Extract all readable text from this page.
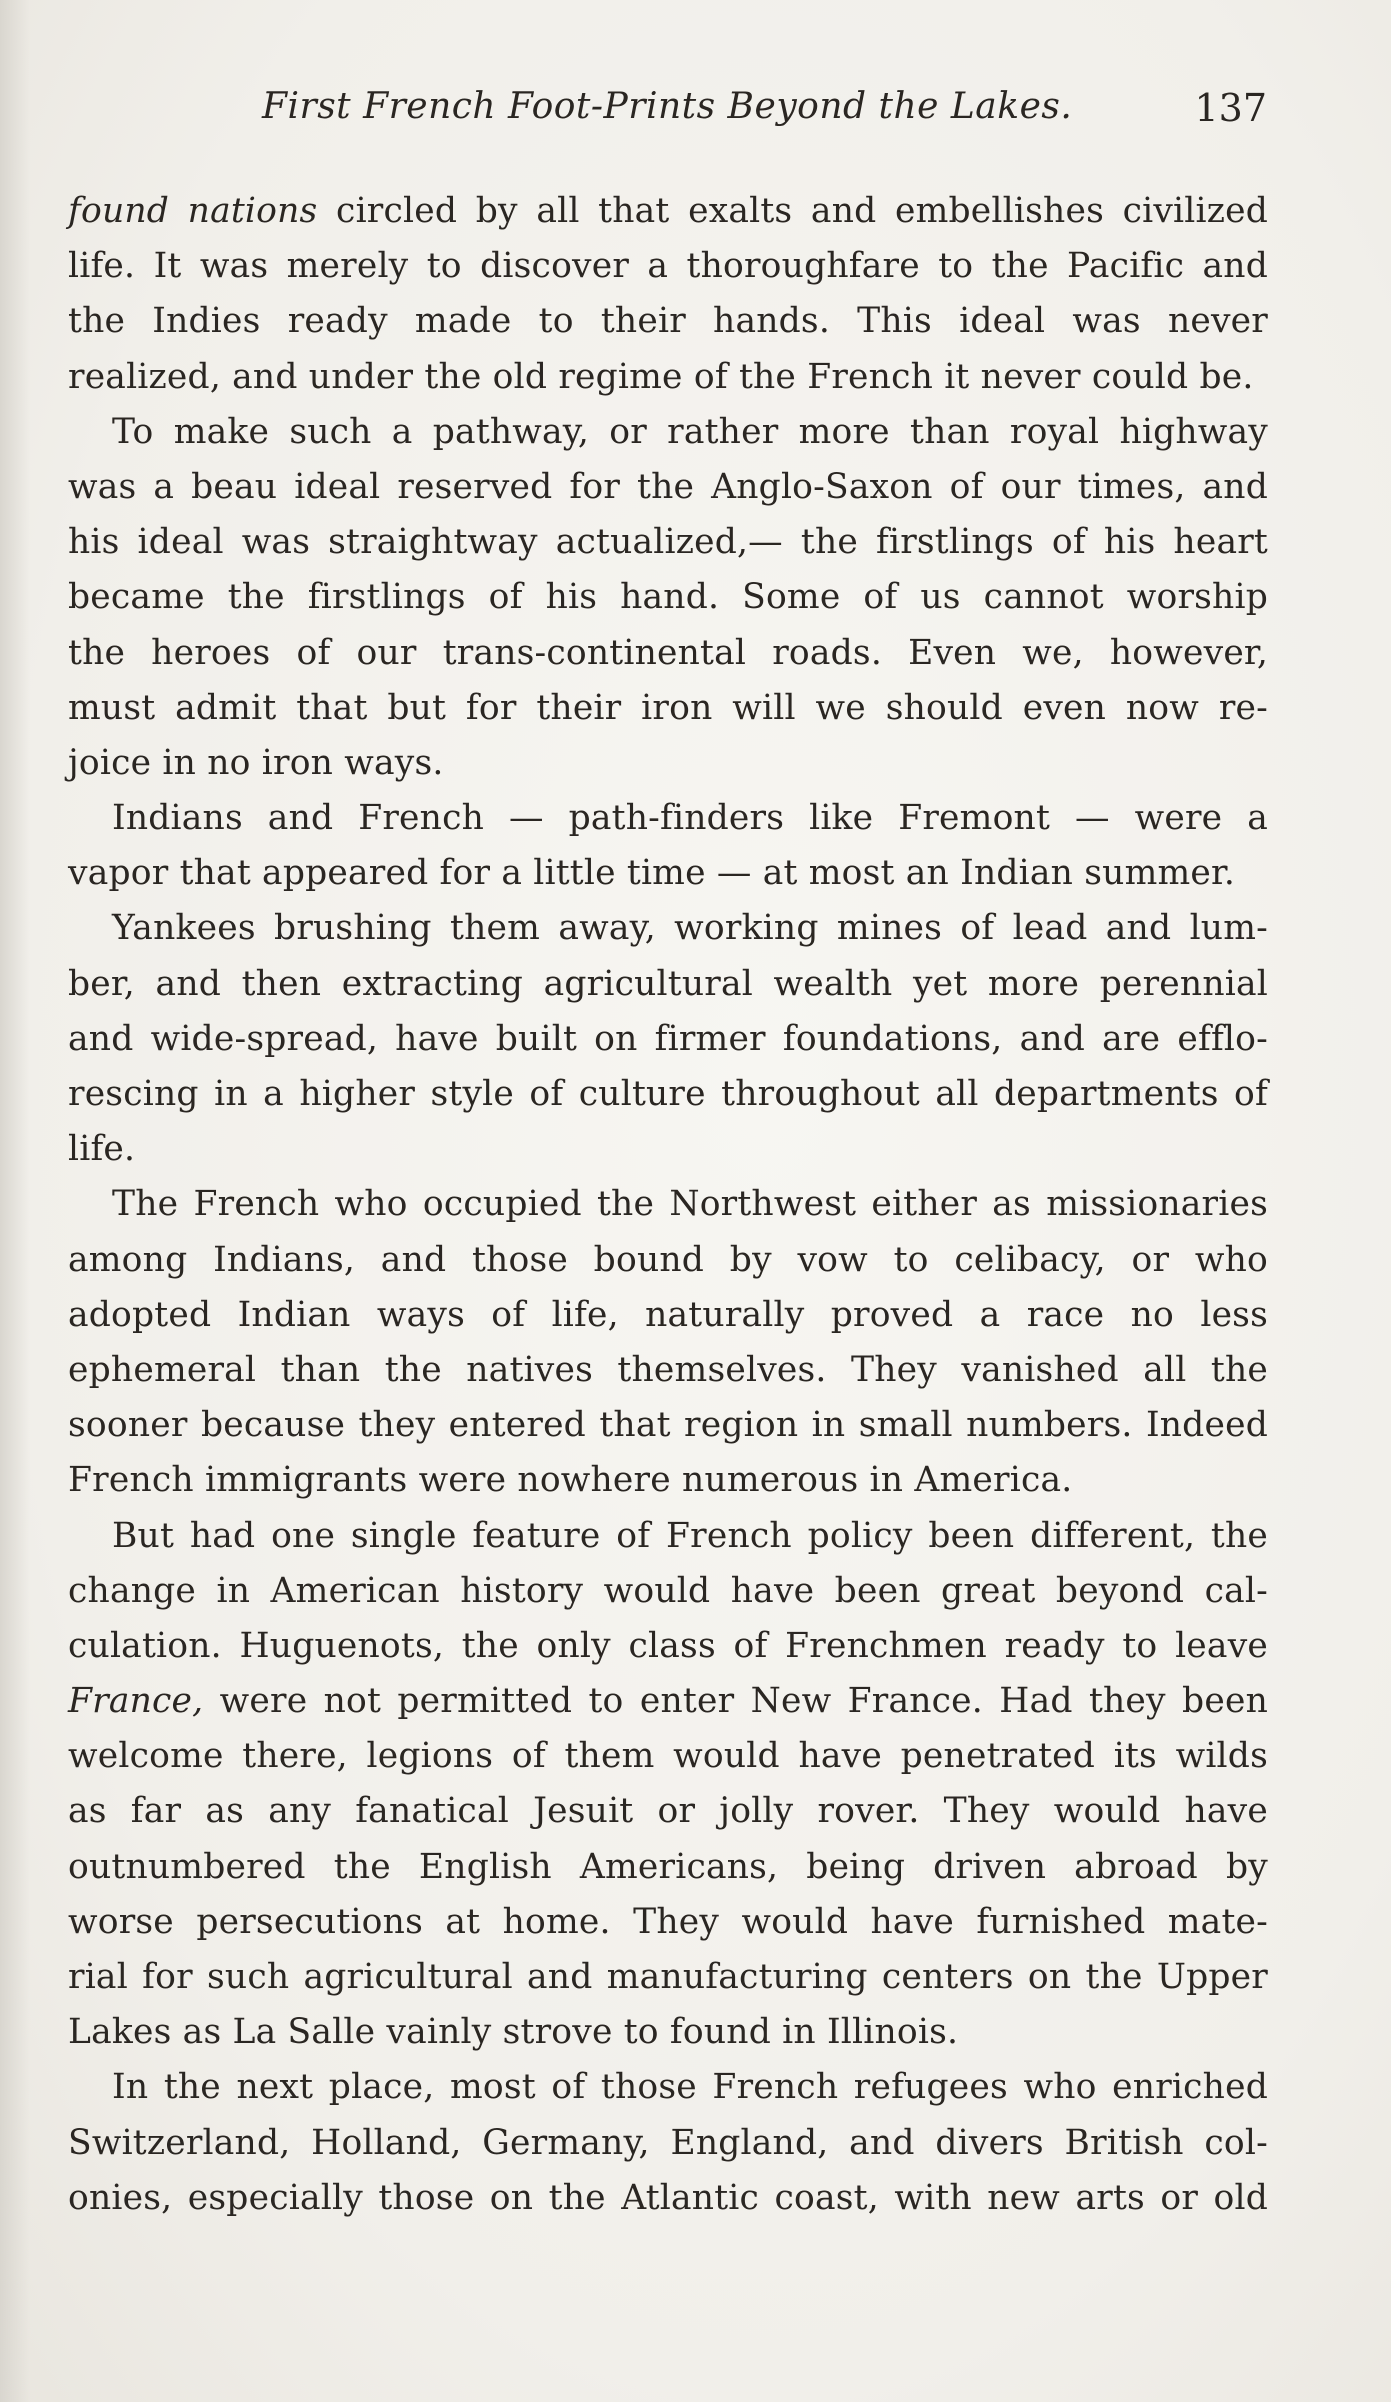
First French Foot-Prints Beyond the Lakes.	137
found nations circled by all that exalts and embellishes civilized
life. It was merely to discover a thoroughfare to the Pacific and
the Indies ready made to their hands. This ideal was never
realized, and under the old regime of the French it never could be.
To make such a pathway, or rather more than royal highway
was a beau ideal reserved for the Anglo-Saxon of our times, and
his ideal was straightway actualized,— the firstlings of his heart
became the firstlings of his hand. Some of us cannot worship
the heroes of our trans-continental roads. Even we, however,
must admit that but for their iron will we should even now re-
joice in no iron ways.
Indians and French — path-finders like Fremont — were a
vapor that appeared for a little time — at most an Indian summer.
Yankees brushing them away, working mines of lead and lum-
ber, and then extracting agricultural wealth yet more perennial
and wide-spread, have built on firmer foundations, and are efflo-
rescing in a higher style of culture throughout all departments of
life.
The French who occupied the Northwest either as missionaries
among Indians, and those bound by vow to celibacy, or who
adopted Indian ways of life, naturally proved a race no less
ephemeral than the natives themselves. They vanished all the
sooner because they entered that region in small numbers. Indeed
French immigrants were nowhere numerous in America.
But had one single feature of French policy been different, the
change in American history would have been great beyond cal-
culation. Huguenots, the only class of Frenchmen ready to leave
France, were not permitted to enter New France. Had they been
welcome there, legions of them would have penetrated its wilds
as far as any fanatical Jesuit or jolly rover. They would have
outnumbered the English Americans, being driven abroad by
worse persecutions at home. They would have furnished mate-
rial for such agricultural and manufacturing centers on the Upper
Lakes as La Salle vainly strove to found in Illinois.
In the next place, most of those French refugees who enriched
Switzerland, Holland, Germany, England, and divers British col-
onies, especially those on the Atlantic coast, with new arts or old
